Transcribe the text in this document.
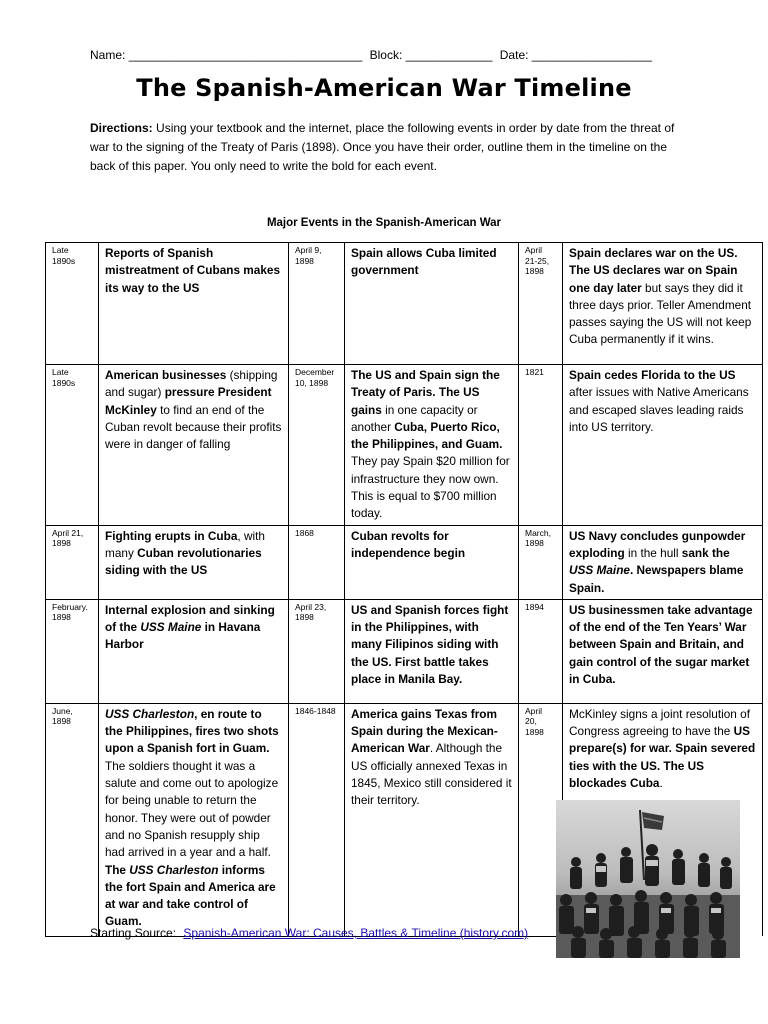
Name: ___________________________________ Block: _____________ Date: __________________
The Spanish-American War Timeline
Directions: Using your textbook and the internet, place the following events in order by date from the threat of war to the signing of the Treaty of Paris (1898). Once you have their order, outline them in the timeline on the back of this paper. You only need to write the bold for each event.
Major Events in the Spanish-American War
Late 1890s	Reports of Spanish mistreatment of Cubans makes its way to the US	April 9, 1898	Spain allows Cuba limited government	April 21-25, 1898	Spain declares war on the US. The US declares war on Spain one day later but says they did it three days prior. Teller Amendment passes saying the US will not keep Cuba permanently if it wins.
Late 1890s	American businesses (shipping and sugar) pressure President McKinley to find an end of the Cuban revolt because their profits were in danger of falling	December 10, 1898	The US and Spain sign the Treaty of Paris. The US gains in one capacity or another Cuba, Puerto Rico, the Philippines, and Guam. They pay Spain $20 million for infrastructure they now own. This is equal to $700 million today.	1821	Spain cedes Florida to the US after issues with Native Americans and escaped slaves leading raids into US territory.
April 21, 1898	Fighting erupts in Cuba, with many Cuban revolutionaries siding with the US	1868	Cuban revolts for independence begin	March, 1898	US Navy concludes gunpowder exploding in the hull sank the USS Maine. Newspapers blame Spain.
February. 1898	Internal explosion and sinking of the USS Maine in Havana Harbor	April 23, 1898	US and Spanish forces fight in the Philippines, with many Filipinos siding with the US. First battle takes place in Manila Bay.	1894	US businessmen take advantage of the end of the Ten Years’ War between Spain and Britain, and gain control of the sugar market in Cuba.
June, 1898	USS Charleston, en route to the Philippines, fires two shots upon a Spanish fort in Guam. The soldiers thought it was a salute and come out to apologize for being unable to return the honor. They were out of powder and no Spanish resupply ship had arrived in a year and a half. The USS Charleston informs the fort Spain and America are at war and take control of Guam.	1846-1848	America gains Texas from Spain during the Mexican-American War. Although the US officially annexed Texas in 1845, Mexico still considered it their territory.	April 20, 1898	McKinley signs a joint resolution of Congress agreeing to have the US prepare(s) for war. Spain severed ties with the US. The US blockades Cuba.
Starting Source: Spanish-American War: Causes, Battles & Timeline (history.com)
